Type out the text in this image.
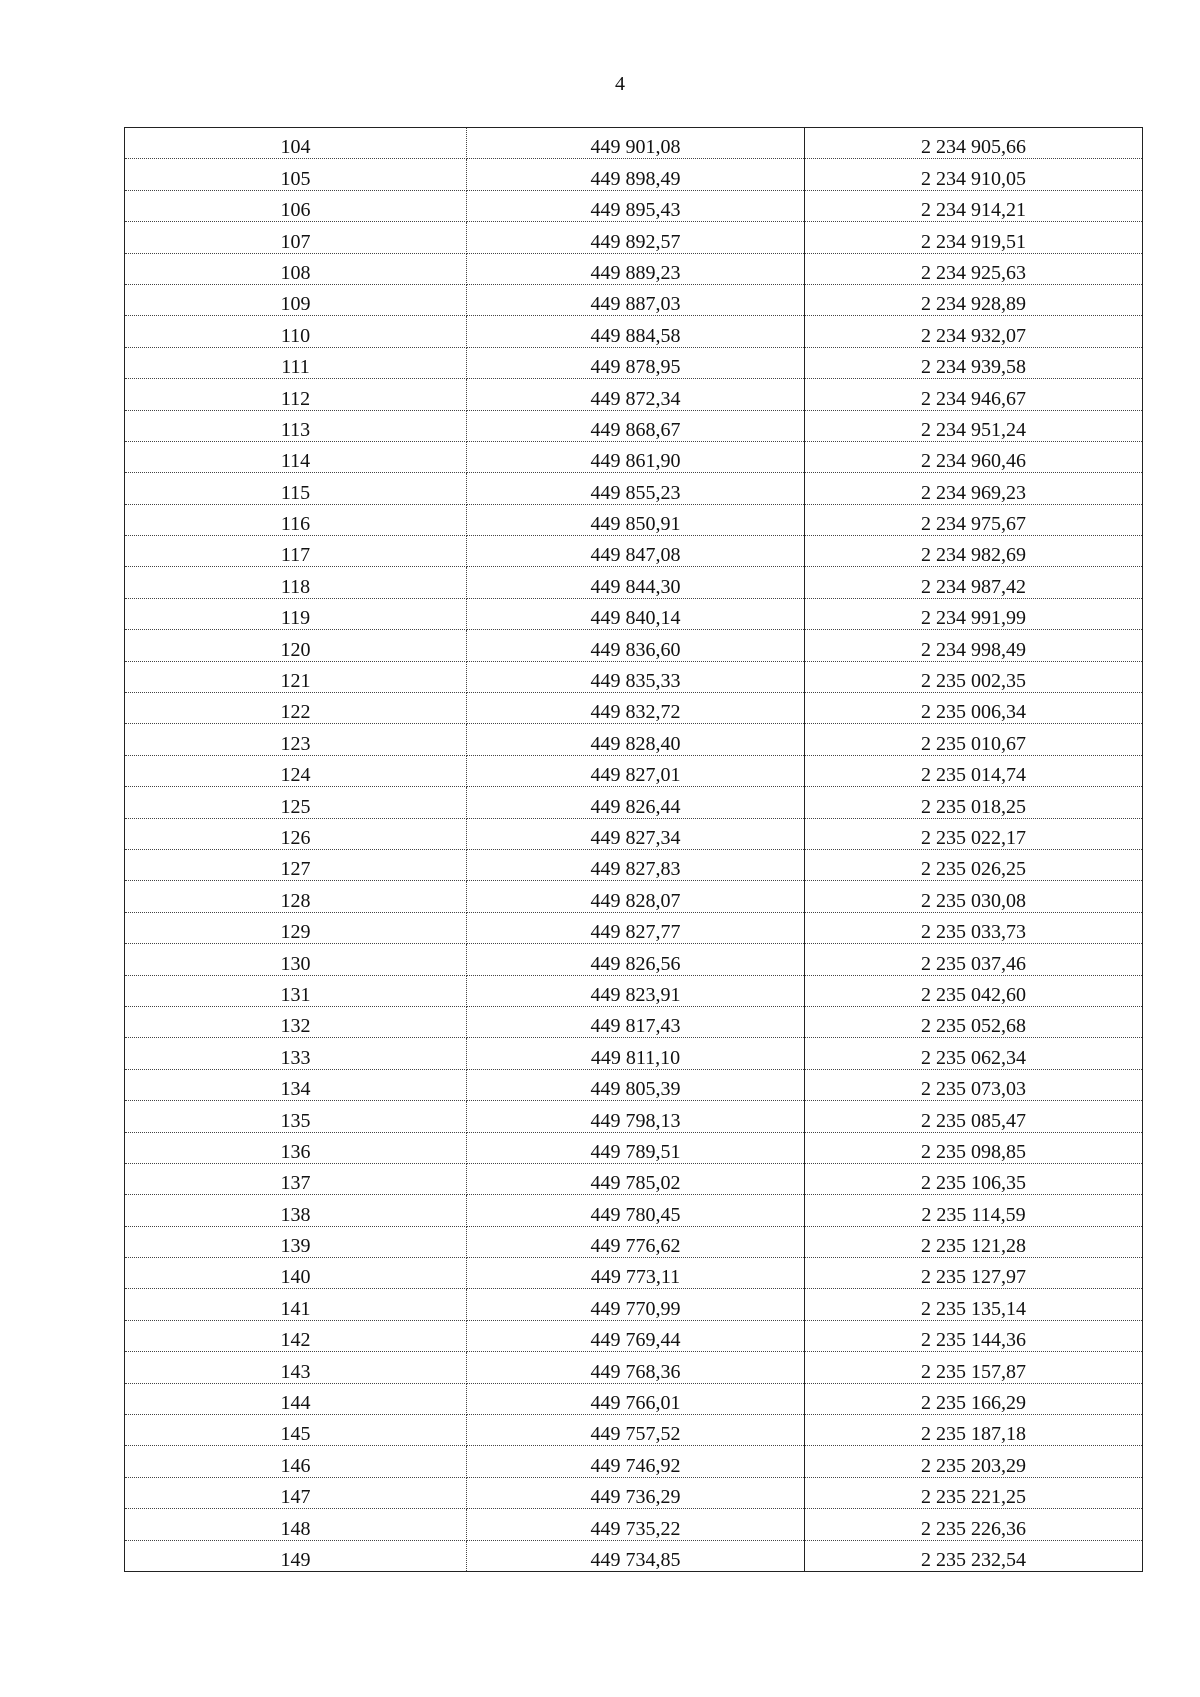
4
104	449 901,08	2 234 905,66
105	449 898,49	2 234 910,05
106	449 895,43	2 234 914,21
107	449 892,57	2 234 919,51
108	449 889,23	2 234 925,63
109	449 887,03	2 234 928,89
110	449 884,58	2 234 932,07
111	449 878,95	2 234 939,58
112	449 872,34	2 234 946,67
113	449 868,67	2 234 951,24
114	449 861,90	2 234 960,46
115	449 855,23	2 234 969,23
116	449 850,91	2 234 975,67
117	449 847,08	2 234 982,69
118	449 844,30	2 234 987,42
119	449 840,14	2 234 991,99
120	449 836,60	2 234 998,49
121	449 835,33	2 235 002,35
122	449 832,72	2 235 006,34
123	449 828,40	2 235 010,67
124	449 827,01	2 235 014,74
125	449 826,44	2 235 018,25
126	449 827,34	2 235 022,17
127	449 827,83	2 235 026,25
128	449 828,07	2 235 030,08
129	449 827,77	2 235 033,73
130	449 826,56	2 235 037,46
131	449 823,91	2 235 042,60
132	449 817,43	2 235 052,68
133	449 811,10	2 235 062,34
134	449 805,39	2 235 073,03
135	449 798,13	2 235 085,47
136	449 789,51	2 235 098,85
137	449 785,02	2 235 106,35
138	449 780,45	2 235 114,59
139	449 776,62	2 235 121,28
140	449 773,11	2 235 127,97
141	449 770,99	2 235 135,14
142	449 769,44	2 235 144,36
143	449 768,36	2 235 157,87
144	449 766,01	2 235 166,29
145	449 757,52	2 235 187,18
146	449 746,92	2 235 203,29
147	449 736,29	2 235 221,25
148	449 735,22	2 235 226,36
149	449 734,85	2 235 232,54
